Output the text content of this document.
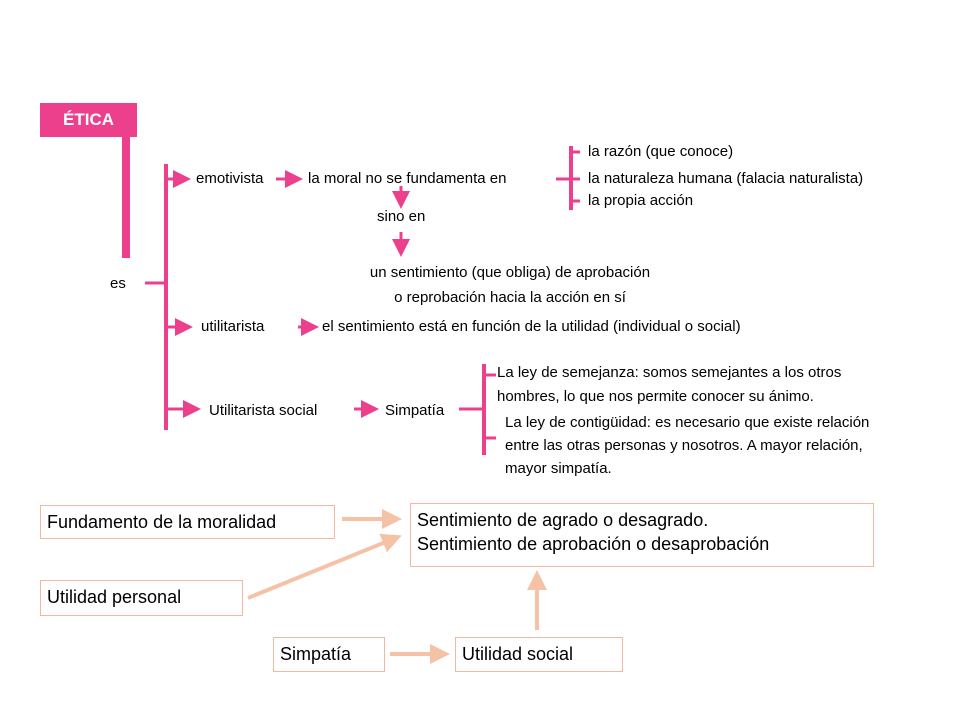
ÉTICA
es
emotivista	la moral no se fundamenta en
la razón (que conoce)
la naturaleza humana (falacia naturalista)
la propia acción
sino en
un sentimiento (que obliga) de aprobación
o reprobación hacia la acción en sí
utilitarista	el sentimiento está en función de la utilidad (individual o social)
Utilitarista social	Simpatía
La ley de semejanza: somos semejantes a los otros
hombres, lo que nos permite conocer su ánimo.
La ley de contigüidad: es necesario que existe relación
entre las otras personas y nosotros. A mayor relación,
mayor simpatía.
Fundamento de la moralidad	Sentimiento de agrado o desagrado.
Sentimiento de aprobación o desaprobación
Utilidad personal
Simpatía	Utilidad social
